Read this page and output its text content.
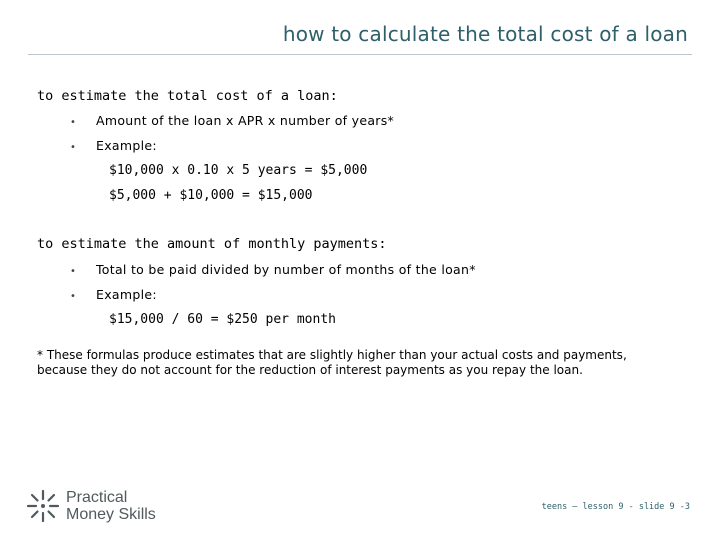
how to calculate the total cost of a loan
to estimate the total cost of a loan:
• Amount of the loan x APR x number of years*
• Example:
$10,000 x 0.10 x 5 years = $5,000
$5,000 + $10,000 = $15,000
to estimate the amount of monthly payments:
• Total to be paid divided by number of months of the loan*
• Example:
$15,000 / 60 = $250 per month
* These formulas produce estimates that are slightly higher than your actual costs and payments, because they do not account for the reduction of interest payments as you repay the loan.
Practical
Money Skills	teens – lesson 9 - slide 9 -3
